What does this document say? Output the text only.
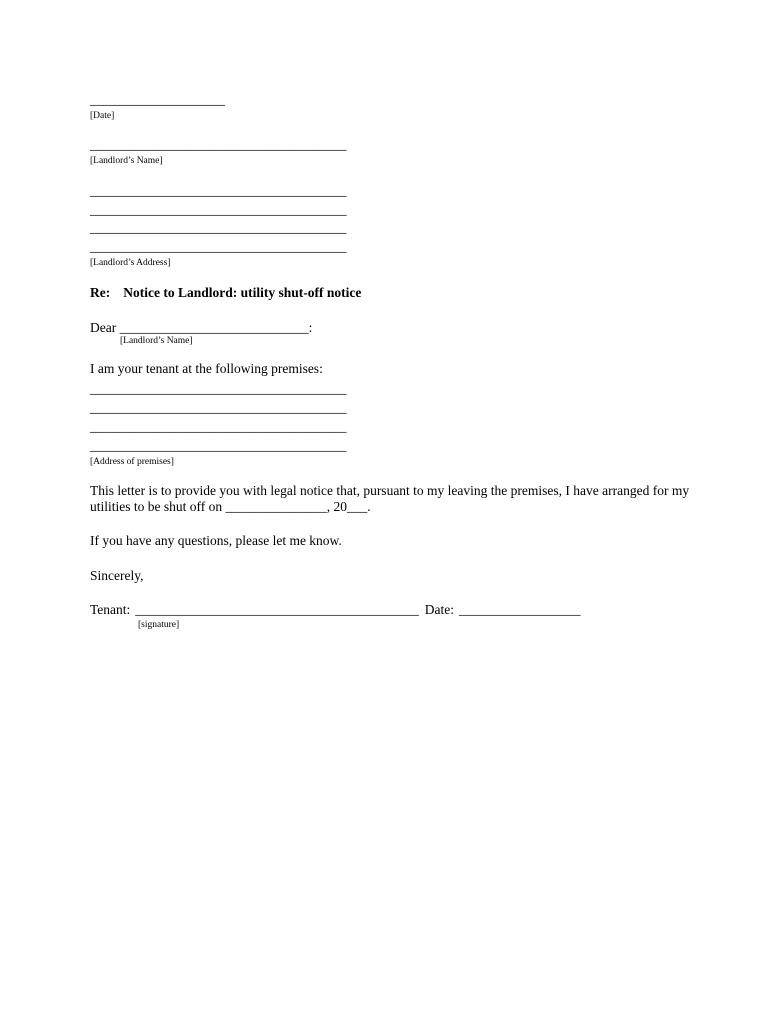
____________________
[Date]
______________________________________
[Landlord’s Name]
______________________________________
______________________________________
______________________________________
______________________________________
[Landlord’s Address]
Re: Notice to Landlord: utility shut-off notice
Dear ____________________________:
[Landlord’s Name]
I am your tenant at the following premises:
______________________________________
______________________________________
______________________________________
______________________________________
[Address of premises]
This letter is to provide you with legal notice that, pursuant to my leaving the premises, I have arranged for my utilities to be shut off on _______________, 20___.
If you have any questions, please let me know.
Sincerely,
Tenant: __________________________________________ Date: __________________
[signature]
